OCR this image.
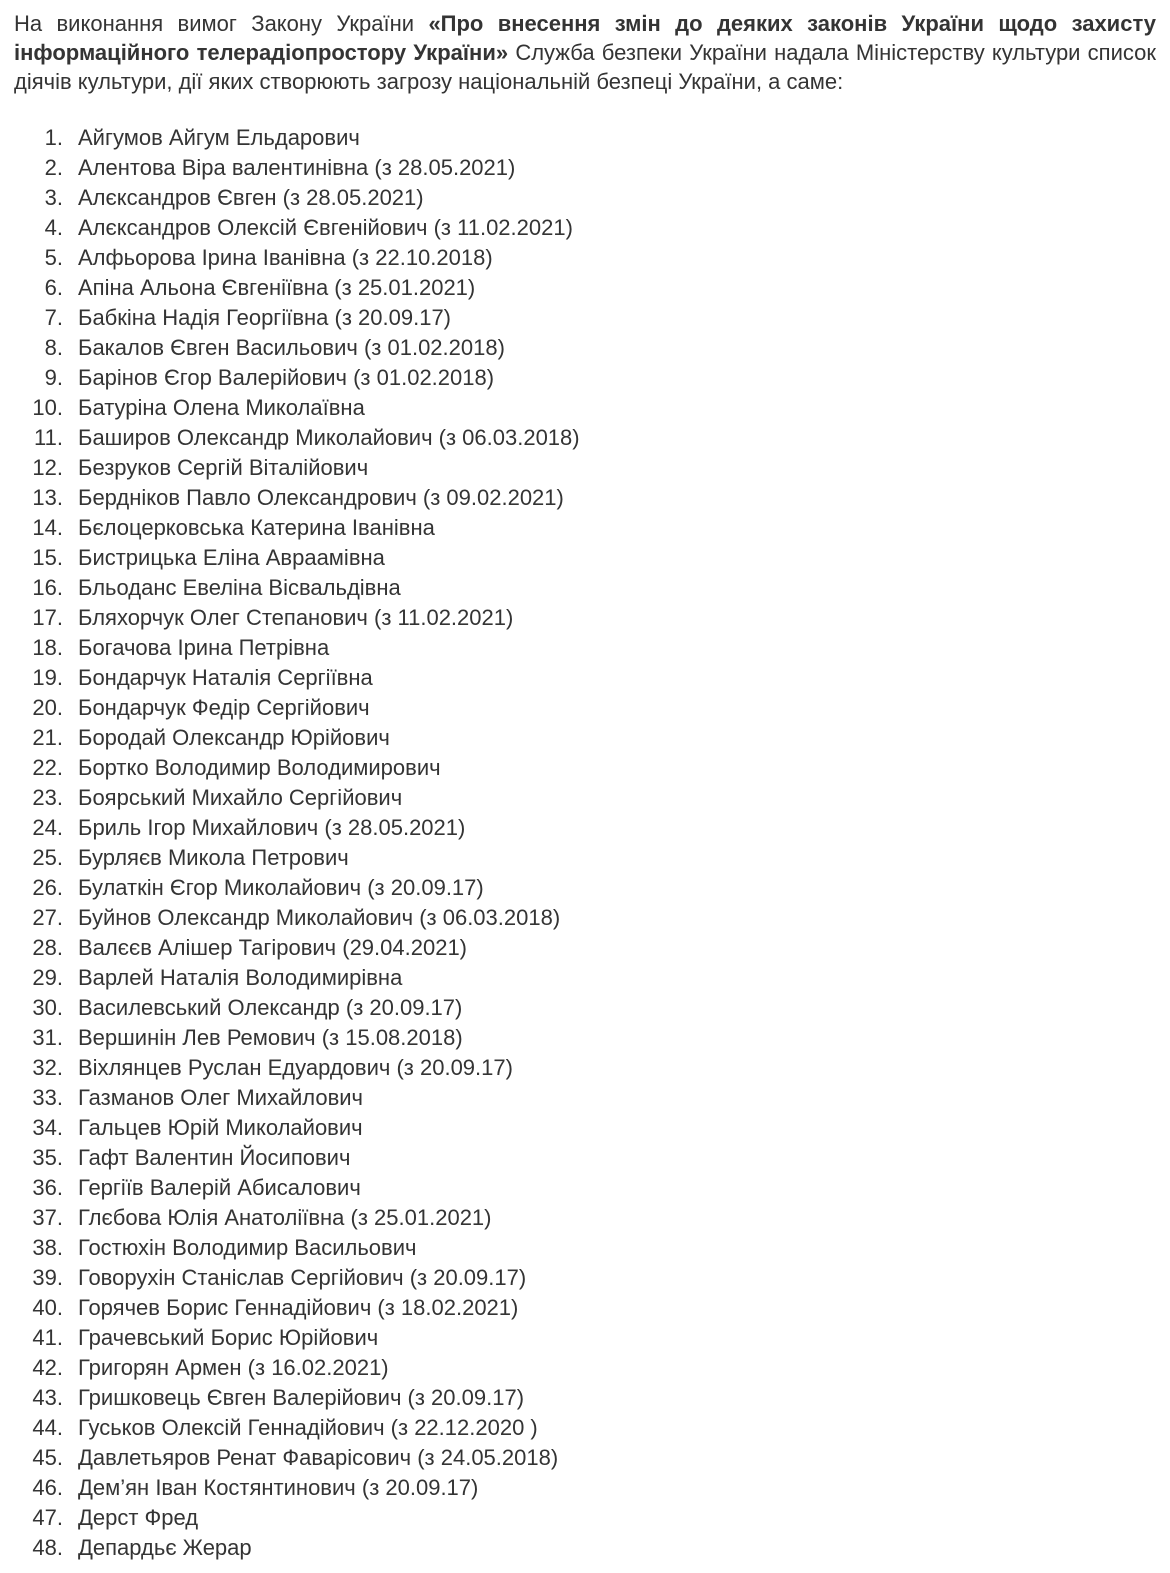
На виконання вимог Закону України «Про внесення змін до деяких законів України щодо захисту інформаційного телерадіопростору України» Служба безпеки України надала Міністерству культури список діячів культури, дії яких створюють загрозу національній безпеці України, а саме:

Айгумов Айгум Ельдарович
Алентова Віра валентинівна (з 28.05.2021)
Алєксандров Євген (з 28.05.2021)
Алєксандров Олексій Євгенійович (з 11.02.2021)
Алфьорова Ірина Іванівна (з 22.10.2018)
Апіна Альона Євгеніївна (з 25.01.2021)
Бабкіна Надія Георгіївна (з 20.09.17)
Бакалов Євген Васильович (з 01.02.2018)
Барінов Єгор Валерійович (з 01.02.2018)
Батуріна Олена Миколаївна
Баширов Олександр Миколайович (з 06.03.2018)
Безруков Сергій Віталійович
Бердніков Павло Олександрович (з 09.02.2021)
Бєлоцерковська Катерина Іванівна
Бистрицька Еліна Авраамівна
Бльоданс Евеліна Вісвальдівна
Бляхорчук Олег Степанович (з 11.02.2021)
Богачова Ірина Петрівна
Бондарчук Наталія Сергіївна
Бондарчук Федір Сергійович
Бородай Олександр Юрійович
Бортко Володимир Володимирович
Боярський Михайло Сергійович
Бриль Ігор Михайлович (з 28.05.2021)
Бурляєв Микола Петрович
Булаткін Єгор Миколайович (з 20.09.17)
Буйнов Олександр Миколайович (з 06.03.2018)
Валєєв Алішер Тагірович (29.04.2021)
Варлей Наталія Володимирівна
Василевський Олександр (з 20.09.17)
Вершинін Лев Ремович (з 15.08.2018)
Віхлянцев Руслан Едуардович (з 20.09.17)
Газманов Олег Михайлович
Гальцев Юрій Миколайович
Гафт Валентин Йосипович
Гергіїв Валерій Абисалович
Глєбова Юлія Анатоліївна (з 25.01.2021)
Гостюхін Володимир Васильович
Говорухін Станіслав Сергійович (з 20.09.17)
Горячев Борис Геннадійович (з 18.02.2021)
Грачевський Борис Юрійович
Григорян Армен (з 16.02.2021)
Гришковець Євген Валерійович (з 20.09.17)
Гуськов Олексій Геннадійович (з 22.12.2020 )
Давлетьяров Ренат Фаварісович (з 24.05.2018)
Дем’ян Іван Костянтинович (з 20.09.17)
Дерст Фред
Депардьє Жерар
